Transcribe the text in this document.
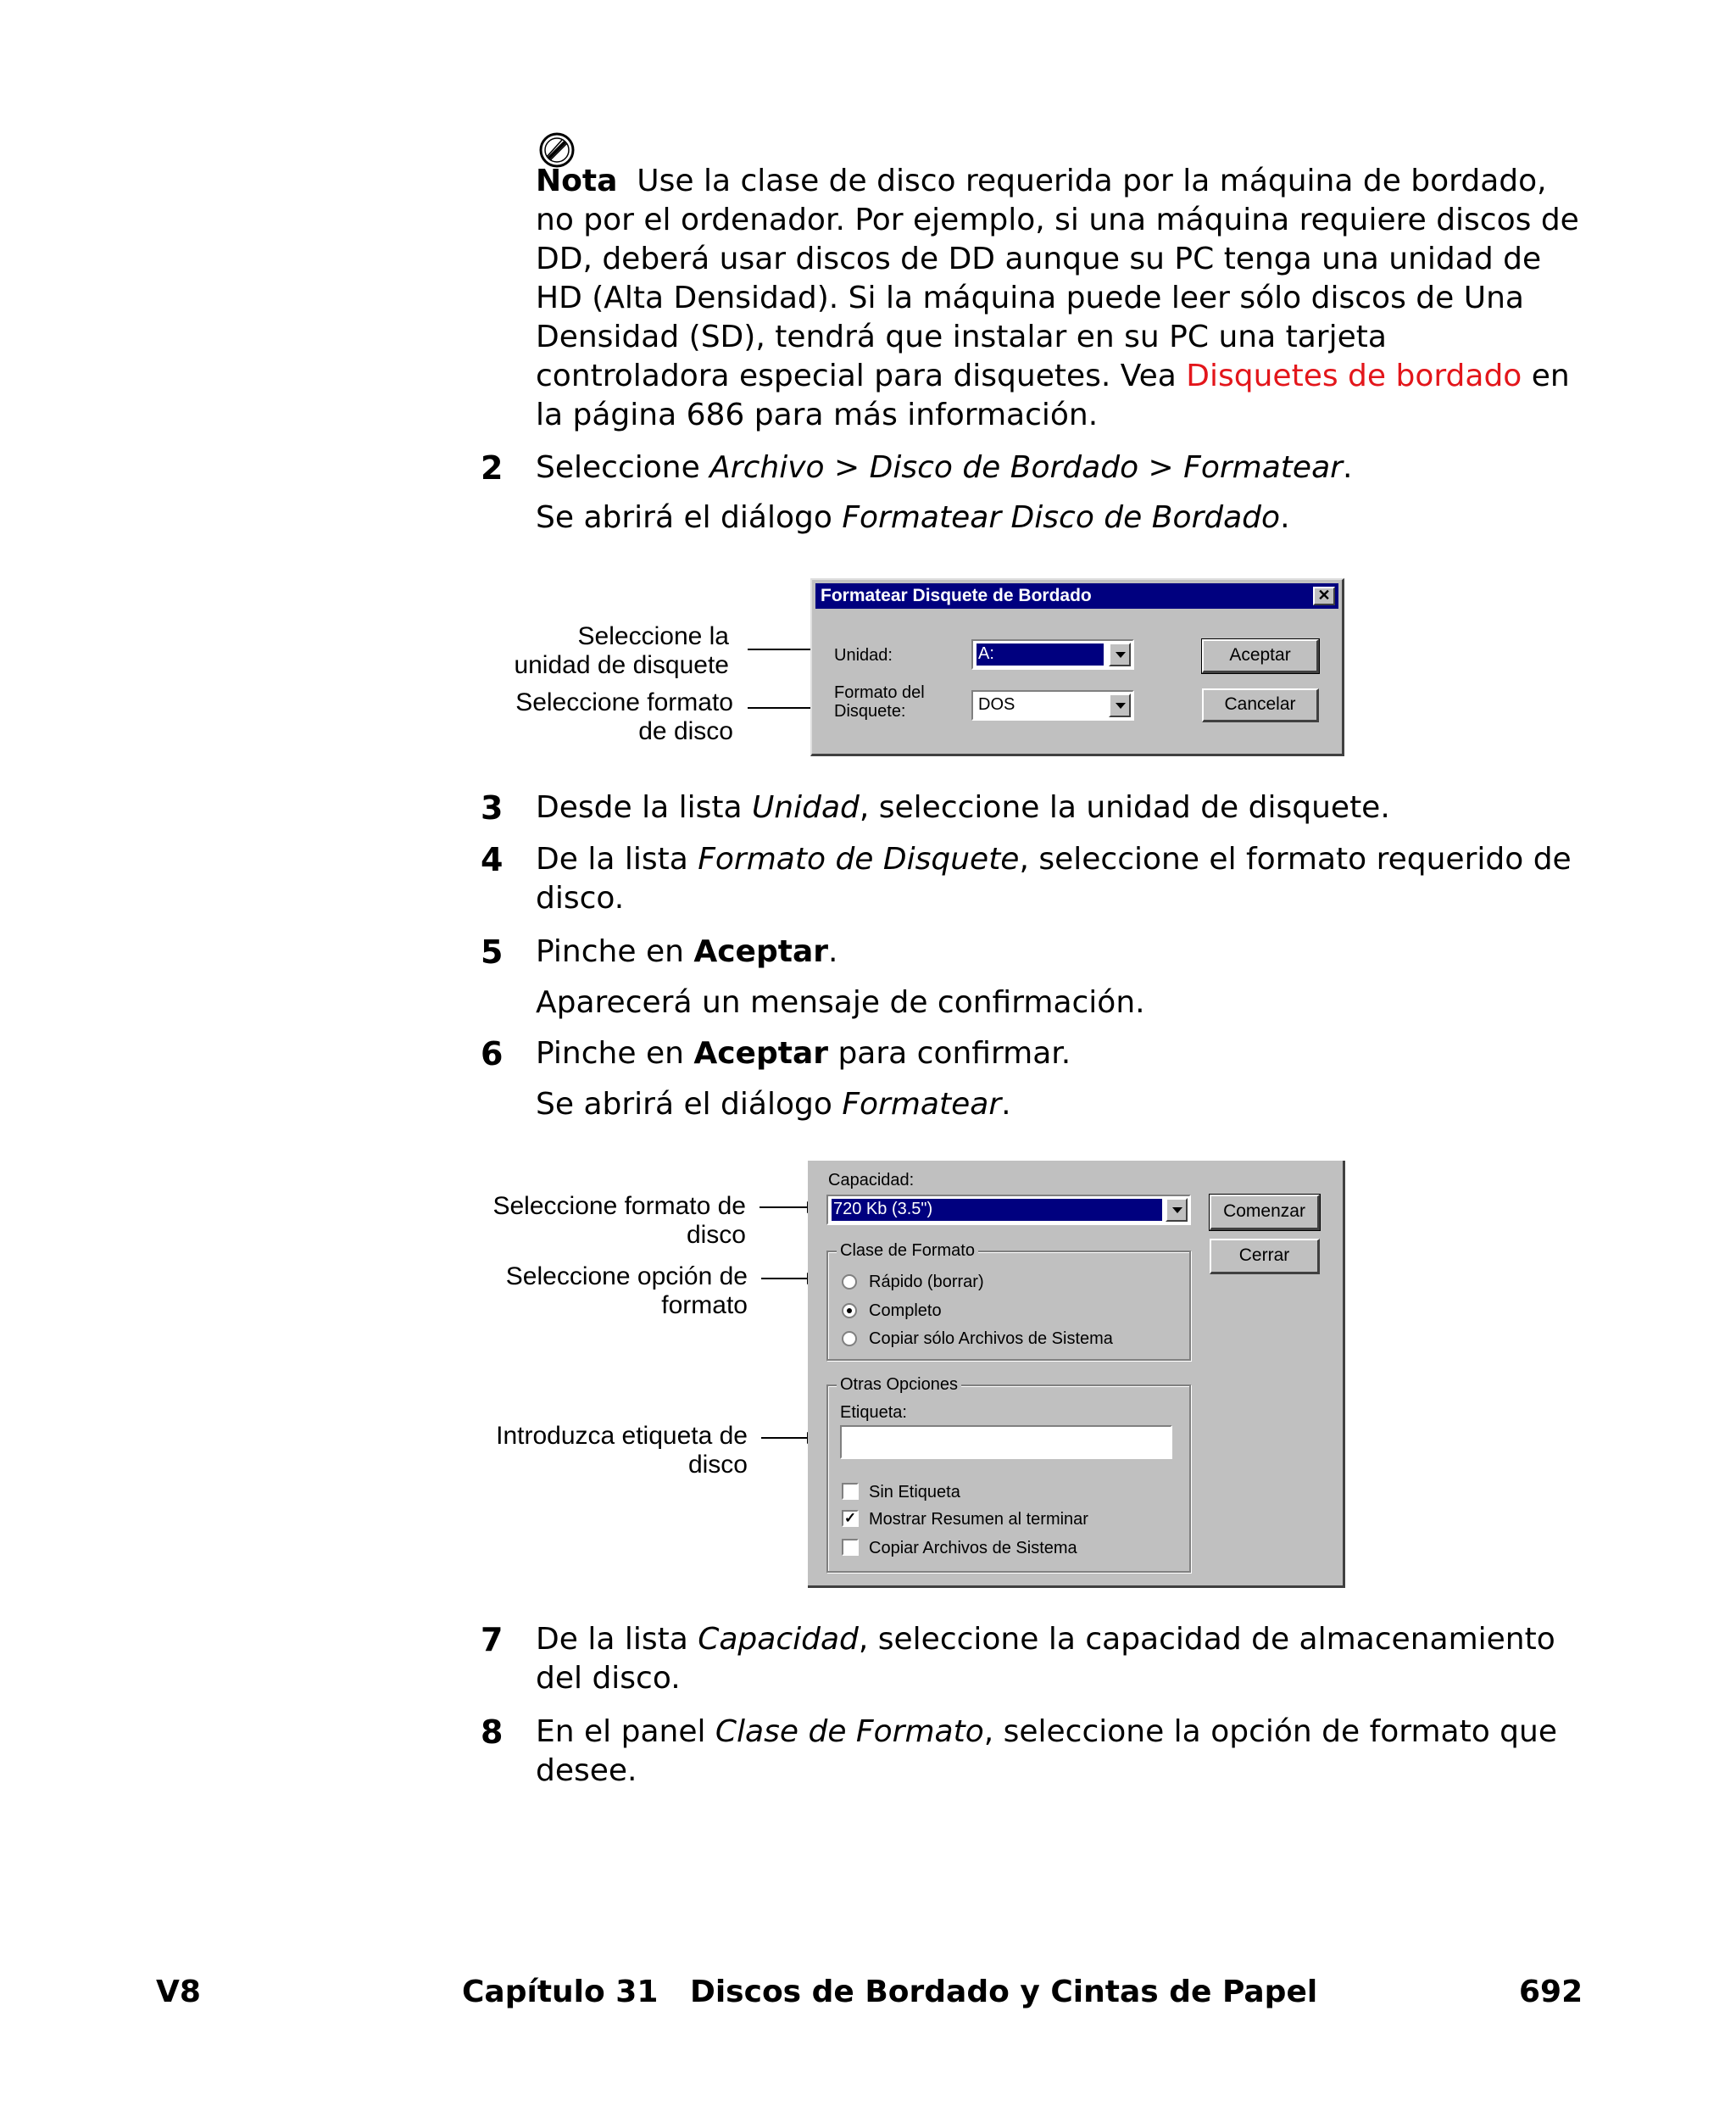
Nota Use la clase de disco requerida por la máquina de bordado, no por el ordenador. Por ejemplo, si una máquina requiere discos de DD, deberá usar discos de DD aunque su PC tenga una unidad de HD (Alta Densidad). Si la máquina puede leer sólo discos de Una Densidad (SD), tendrá que instalar en su PC una tarjeta controladora especial para disquetes. Vea Disquetes de bordado en la página 686 para más información.
2 Seleccione Archivo > Disco de Bordado > Formatear.
Se abrirá el diálogo Formatear Disco de Bordado.
Seleccione la
unidad de disquete
Seleccione formato
de disco
Formatear Disquete de Bordado	✕
Unidad:	A:
Formato del
Disquete:	DOS
Aceptar
Cancelar
3 Desde la lista Unidad, seleccione la unidad de disquete.
4 De la lista Formato de Disquete, seleccione el formato requerido de disco.
5 Pinche en Aceptar.
Aparecerá un mensaje de confirmación.
6 Pinche en Aceptar para confirmar.
Se abrirá el diálogo Formatear.
Seleccione formato de
disco
Seleccione opción de
formato
Introduzca etiqueta de
disco
Capacidad:
720 Kb (3.5")	Comenzar
Cerrar
Clase de Formato
Rápido (borrar)
Completo
Copiar sólo Archivos de Sistema
Otras Opciones
Etiqueta:
Sin Etiqueta
✓ Mostrar Resumen al terminar
Copiar Archivos de Sistema
7 De la lista Capacidad, seleccione la capacidad de almacenamiento del disco.
8 En el panel Clase de Formato, seleccione la opción de formato que desee.
V8	Capítulo 31   Discos de Bordado y Cintas de Papel	692
